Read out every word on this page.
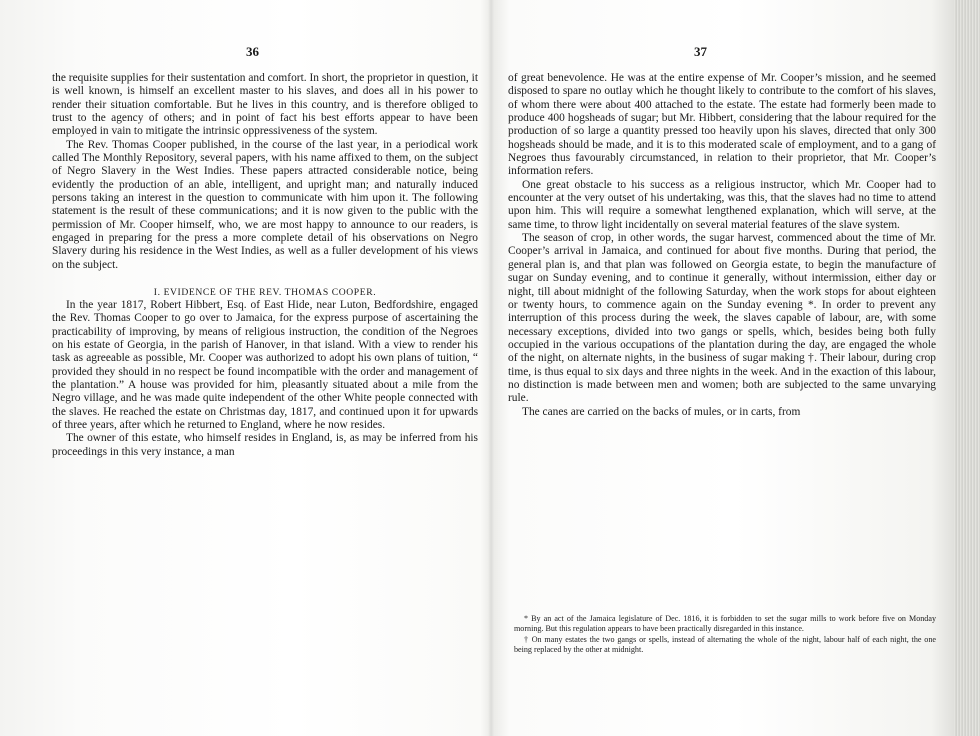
36

the requisite supplies for their sustentation and comfort. In short, the proprietor in question, it is well known, is himself an excellent master to his slaves, and does all in his power to render their situation comfortable. But he lives in this country, and is therefore obliged to trust to the agency of others; and in point of fact his best efforts appear to have been employed in vain to mitigate the intrinsic oppressiveness of the system.

The Rev. Thomas Cooper published, in the course of the last year, in a periodical work called The Monthly Repository, several papers, with his name affixed to them, on the subject of Negro Slavery in the West Indies. These papers attracted considerable notice, being evidently the production of an able, intelligent, and upright man; and naturally induced persons taking an interest in the question to communicate with him upon it. The following statement is the result of these communications; and it is now given to the public with the permission of Mr. Cooper himself, who, we are most happy to announce to our readers, is engaged in preparing for the press a more complete detail of his observations on Negro Slavery during his residence in the West Indies, as well as a fuller development of his views on the subject.

I. EVIDENCE OF THE REV. THOMAS COOPER.

In the year 1817, Robert Hibbert, Esq. of East Hide, near Luton, Bedfordshire, engaged the Rev. Thomas Cooper to go over to Jamaica, for the express purpose of ascertaining the practicability of improving, by means of religious instruction, the condition of the Negroes on his estate of Georgia, in the parish of Hanover, in that island. With a view to render his task as agreeable as possible, Mr. Cooper was authorized to adopt his own plans of tuition, “ provided they should in no respect be found incompatible with the order and management of the plantation.” A house was provided for him, pleasantly situated about a mile from the Negro village, and he was made quite independent of the other White people connected with the slaves. He reached the estate on Christmas day, 1817, and continued upon it for upwards of three years, after which he returned to England, where he now resides.

The owner of this estate, who himself resides in England, is, as may be inferred from his proceedings in this very instance, a man

37

of great benevolence. He was at the entire expense of Mr. Cooper’s mission, and he seemed disposed to spare no outlay which he thought likely to contribute to the comfort of his slaves, of whom there were about 400 attached to the estate. The estate had formerly been made to produce 400 hogsheads of sugar; but Mr. Hibbert, considering that the labour required for the production of so large a quantity pressed too heavily upon his slaves, directed that only 300 hogsheads should be made, and it is to this moderated scale of employment, and to a gang of Negroes thus favourably circumstanced, in relation to their proprietor, that Mr. Cooper’s information refers.

One great obstacle to his success as a religious instructor, which Mr. Cooper had to encounter at the very outset of his undertaking, was this, that the slaves had no time to attend upon him. This will require a somewhat lengthened explanation, which will serve, at the same time, to throw light incidentally on several material features of the slave system.

The season of crop, in other words, the sugar harvest, commenced about the time of Mr. Cooper’s arrival in Jamaica, and continued for about five months. During that period, the general plan is, and that plan was followed on Georgia estate, to begin the manufacture of sugar on Sunday evening, and to continue it generally, without intermission, either day or night, till about midnight of the following Saturday, when the work stops for about eighteen or twenty hours, to commence again on the Sunday evening *. In order to prevent any interruption of this process during the week, the slaves capable of labour, are, with some necessary exceptions, divided into two gangs or spells, which, besides being both fully occupied in the various occupations of the plantation during the day, are engaged the whole of the night, on alternate nights, in the business of sugar making †. Their labour, during crop time, is thus equal to six days and three nights in the week. And in the exaction of this labour, no distinction is made between men and women; both are subjected to the same unvarying rule.

The canes are carried on the backs of mules, or in carts, from

* By an act of the Jamaica legislature of Dec. 1816, it is forbidden to set the sugar mills to work before five on Monday morning. But this regulation appears to have been practically disregarded in this instance.

† On many estates the two gangs or spells, instead of alternating the whole of the night, labour half of each night, the one being replaced by the other at midnight.
